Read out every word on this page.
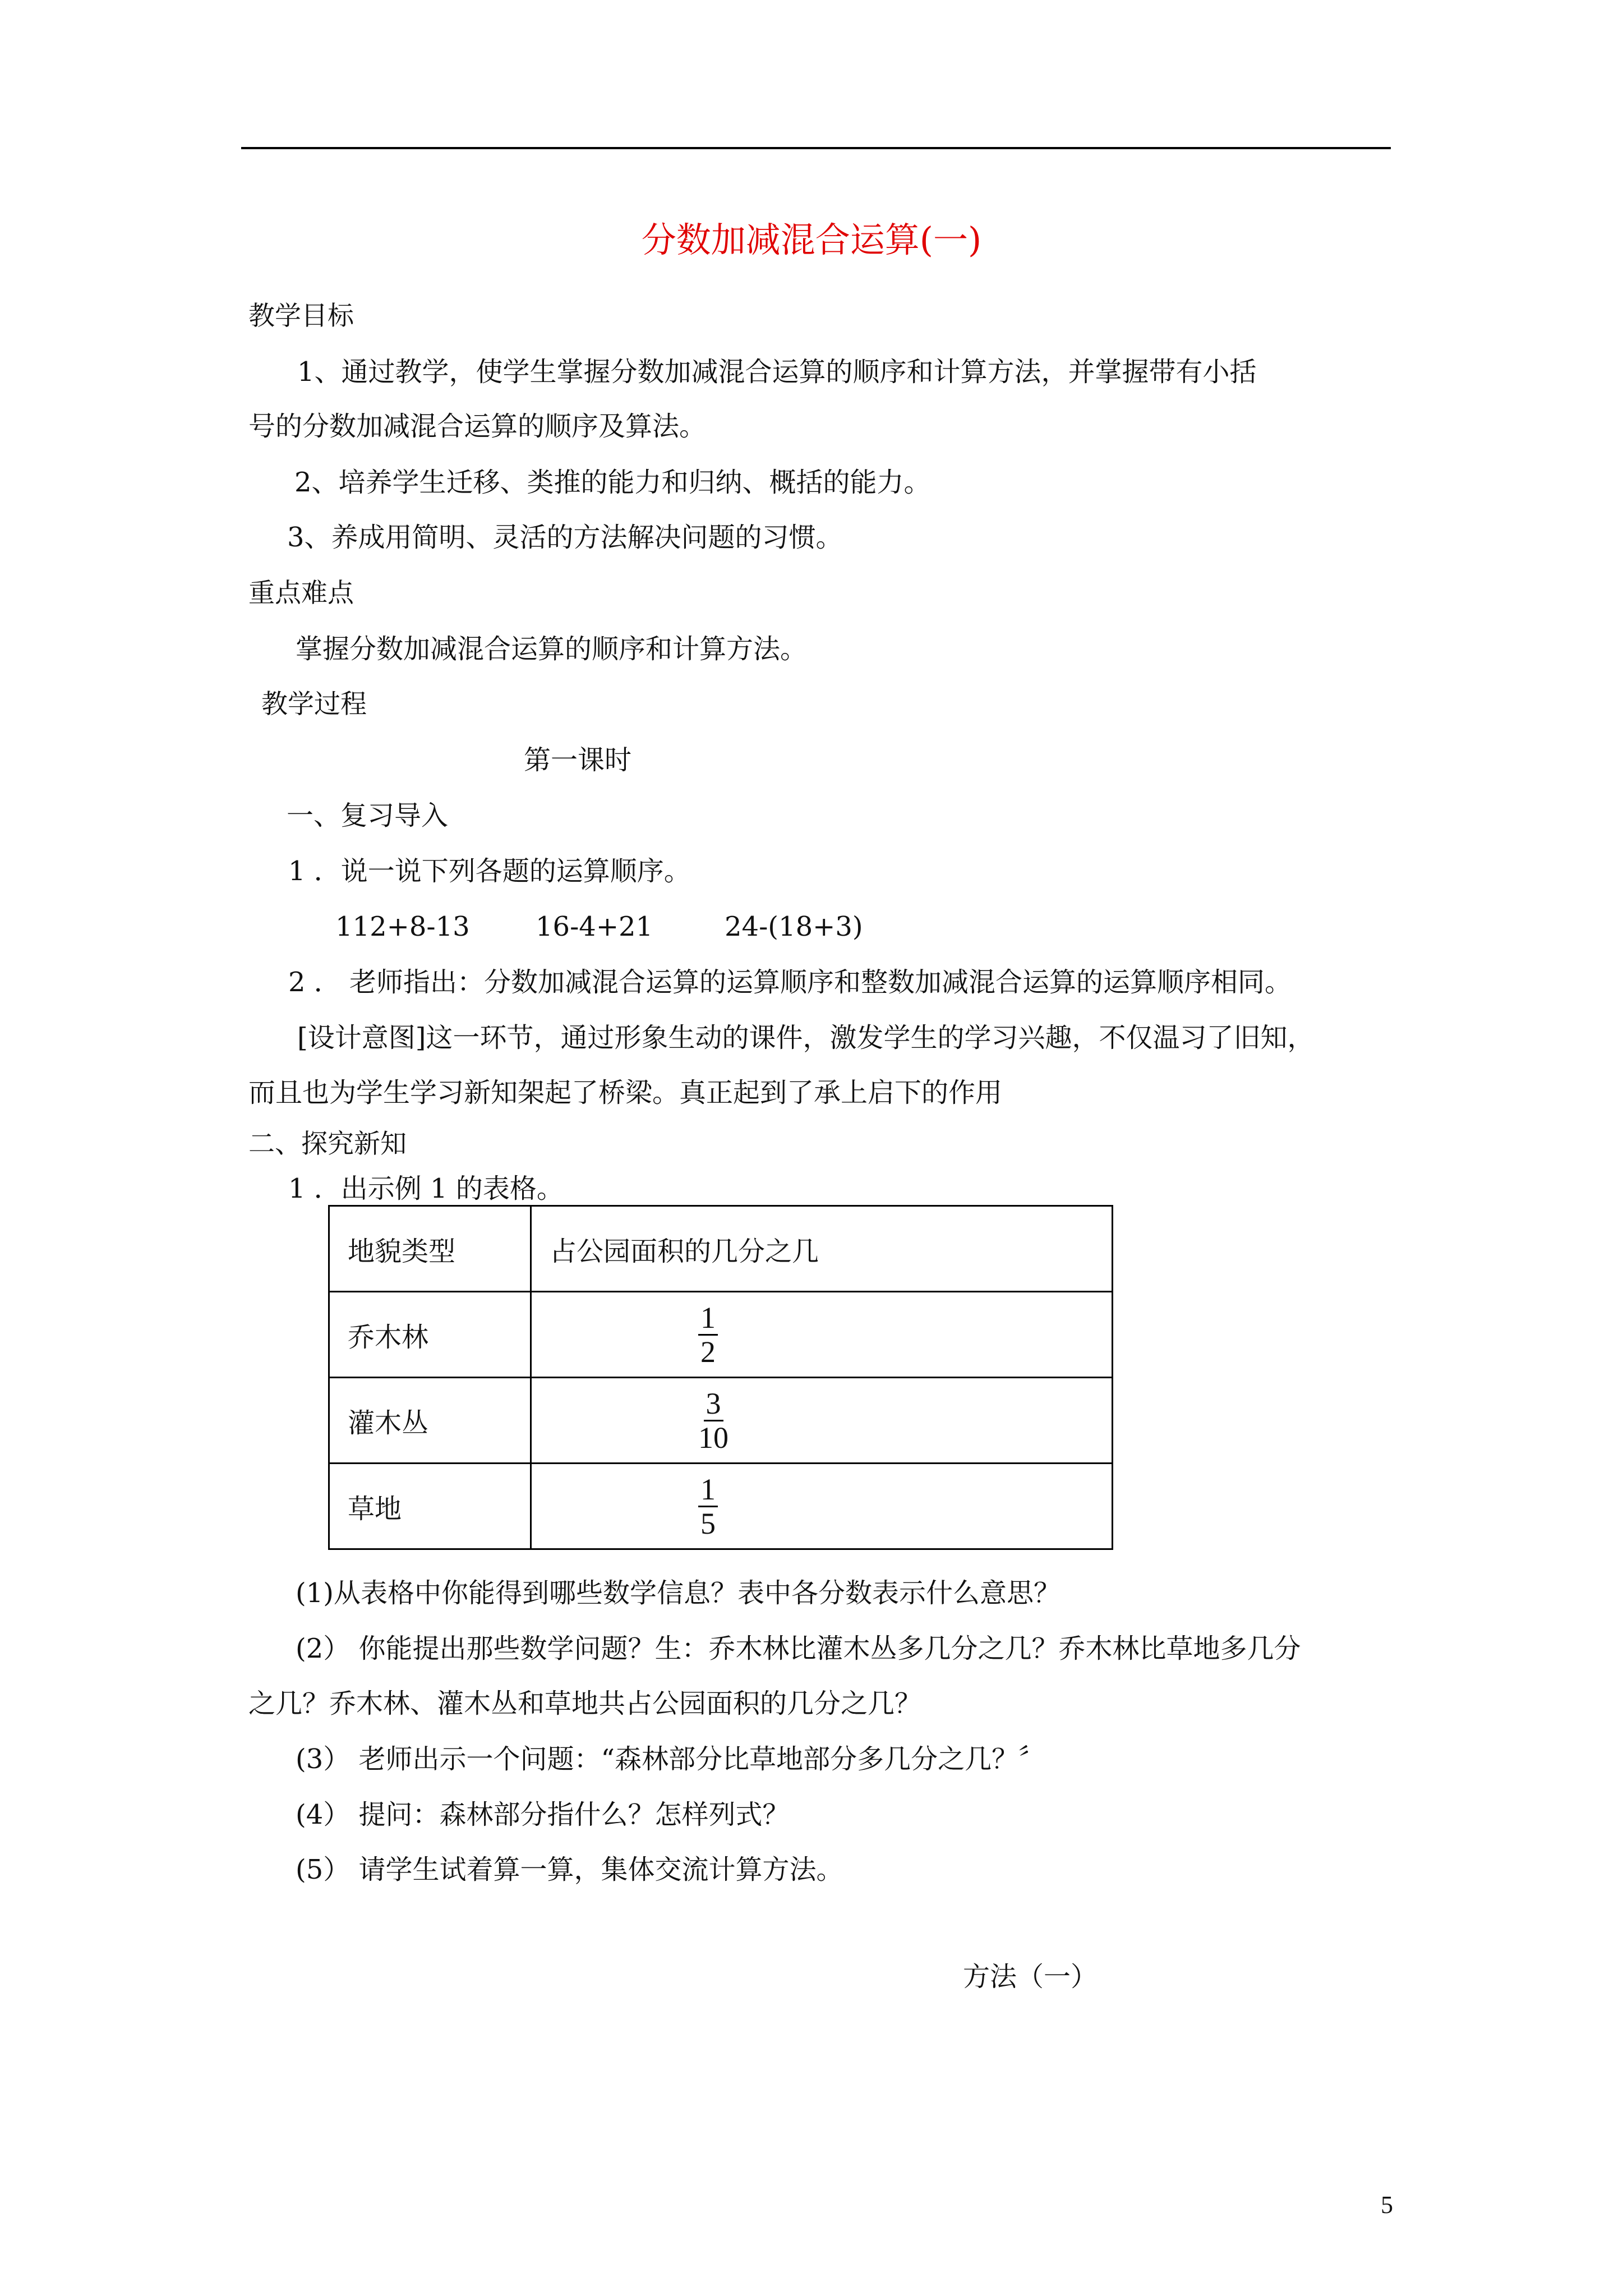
分数加减混合运算(一)
教学目标
1、通过教学，使学生掌握分数加减混合运算的顺序和计算方法，并掌握带有小括
号的分数加减混合运算的顺序及算法。
2、培养学生迁移、类推的能力和归纳、概括的能力。
3、养成用简明、灵活的方法解决问题的习惯。
重点难点
掌握分数加减混合运算的顺序和计算方法。
教学过程
第一课时
一、复习导入
1 ．说一说下列各题的运算顺序。
112+8-13 16-4+21	24-(18+3)
2 ． 老师指出：分数加减混合运算的运算顺序和整数加减混合运算的运算顺序相同。
[设计意图]这一环节，通过形象生动的课件，激发学生的学习兴趣，不仅温习了旧知，
而且也为学生学习新知架起了桥梁。真正起到了承上启下的作用
二、探究新知
1 ．出示例 1 的表格。
地貌类型	占公园面积的几分之几
乔木林	$\frac{1}{2}$

灌木丛	$\frac{3}{10}$

草地	$\frac{1}{5}$
(1)从表格中你能得到哪些数学信息？表中各分数表示什么意思？
(2） 你能提出那些数学问题？生：乔木林比灌木丛多几分之几？乔木林比草地多几分
之几？乔木林、灌木丛和草地共占公园面积的几分之几？
(3） 老师出示一个问题：“森林部分比草地部分多几分之几？〞
(4） 提问：森林部分指什么？怎样列式？
(5） 请学生试着算一算，集体交流计算方法。
方法（一）
5
